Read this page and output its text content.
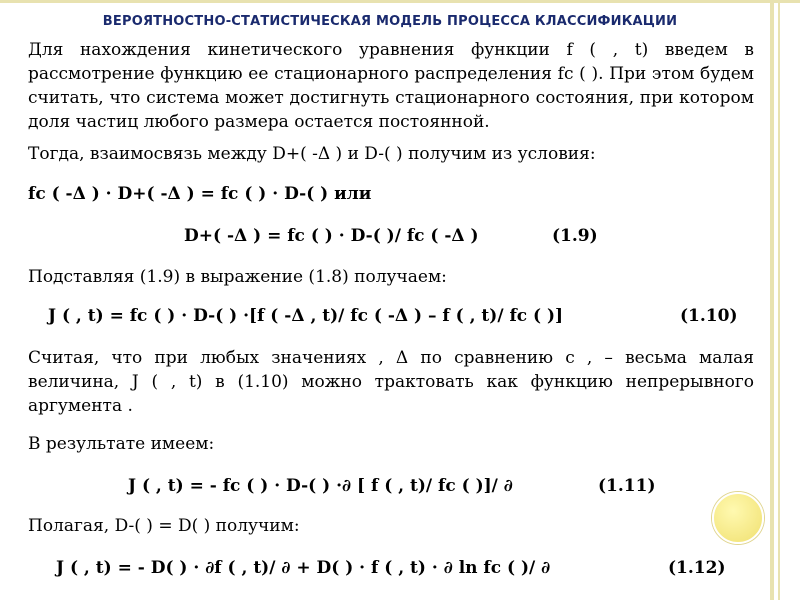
ВЕРОЯТНОСТНО-СТАТИСТИЧЕСКАЯ МОДЕЛЬ ПРОЦЕССА КЛАССИФИКАЦИИ
Для нахождения кинетического уравнения функции f ( , t) введем в рассмотрение функцию ее стационарного распределения fc ( ). При этом будем считать, что система может достигнуть стационарного состояния, при котором доля частиц любого размера остается постоянной.
Тогда, взаимосвязь между D+( -Δ ) и D-( ) получим из условия:
fc ( -Δ ) · D+( -Δ ) = fc ( ) · D-( ) или
D+( -Δ ) = fc ( ) · D-( )/ fc ( -Δ )	(1.9)
Подставляя (1.9) в выражение (1.8) получаем:
J ( , t) = fc ( ) · D-( ) ·[f ( -Δ , t)/ fc ( -Δ ) – f ( , t)/ fc ( )]	(1.10)
Считая, что при любых значениях , Δ по сравнению с , – весьма малая величина, J ( , t) в (1.10) можно трактовать как функцию непрерывного аргумента .
В результате имеем:
J ( , t) = - fc ( ) · D-( ) ·∂ [ f ( , t)/ fc ( )]/ ∂	(1.11)
Полагая, D-( ) = D( ) получим:
J ( , t) = - D( ) · ∂f ( , t)/ ∂ + D( ) · f ( , t) · ∂ ln fc ( )/ ∂	(1.12)
